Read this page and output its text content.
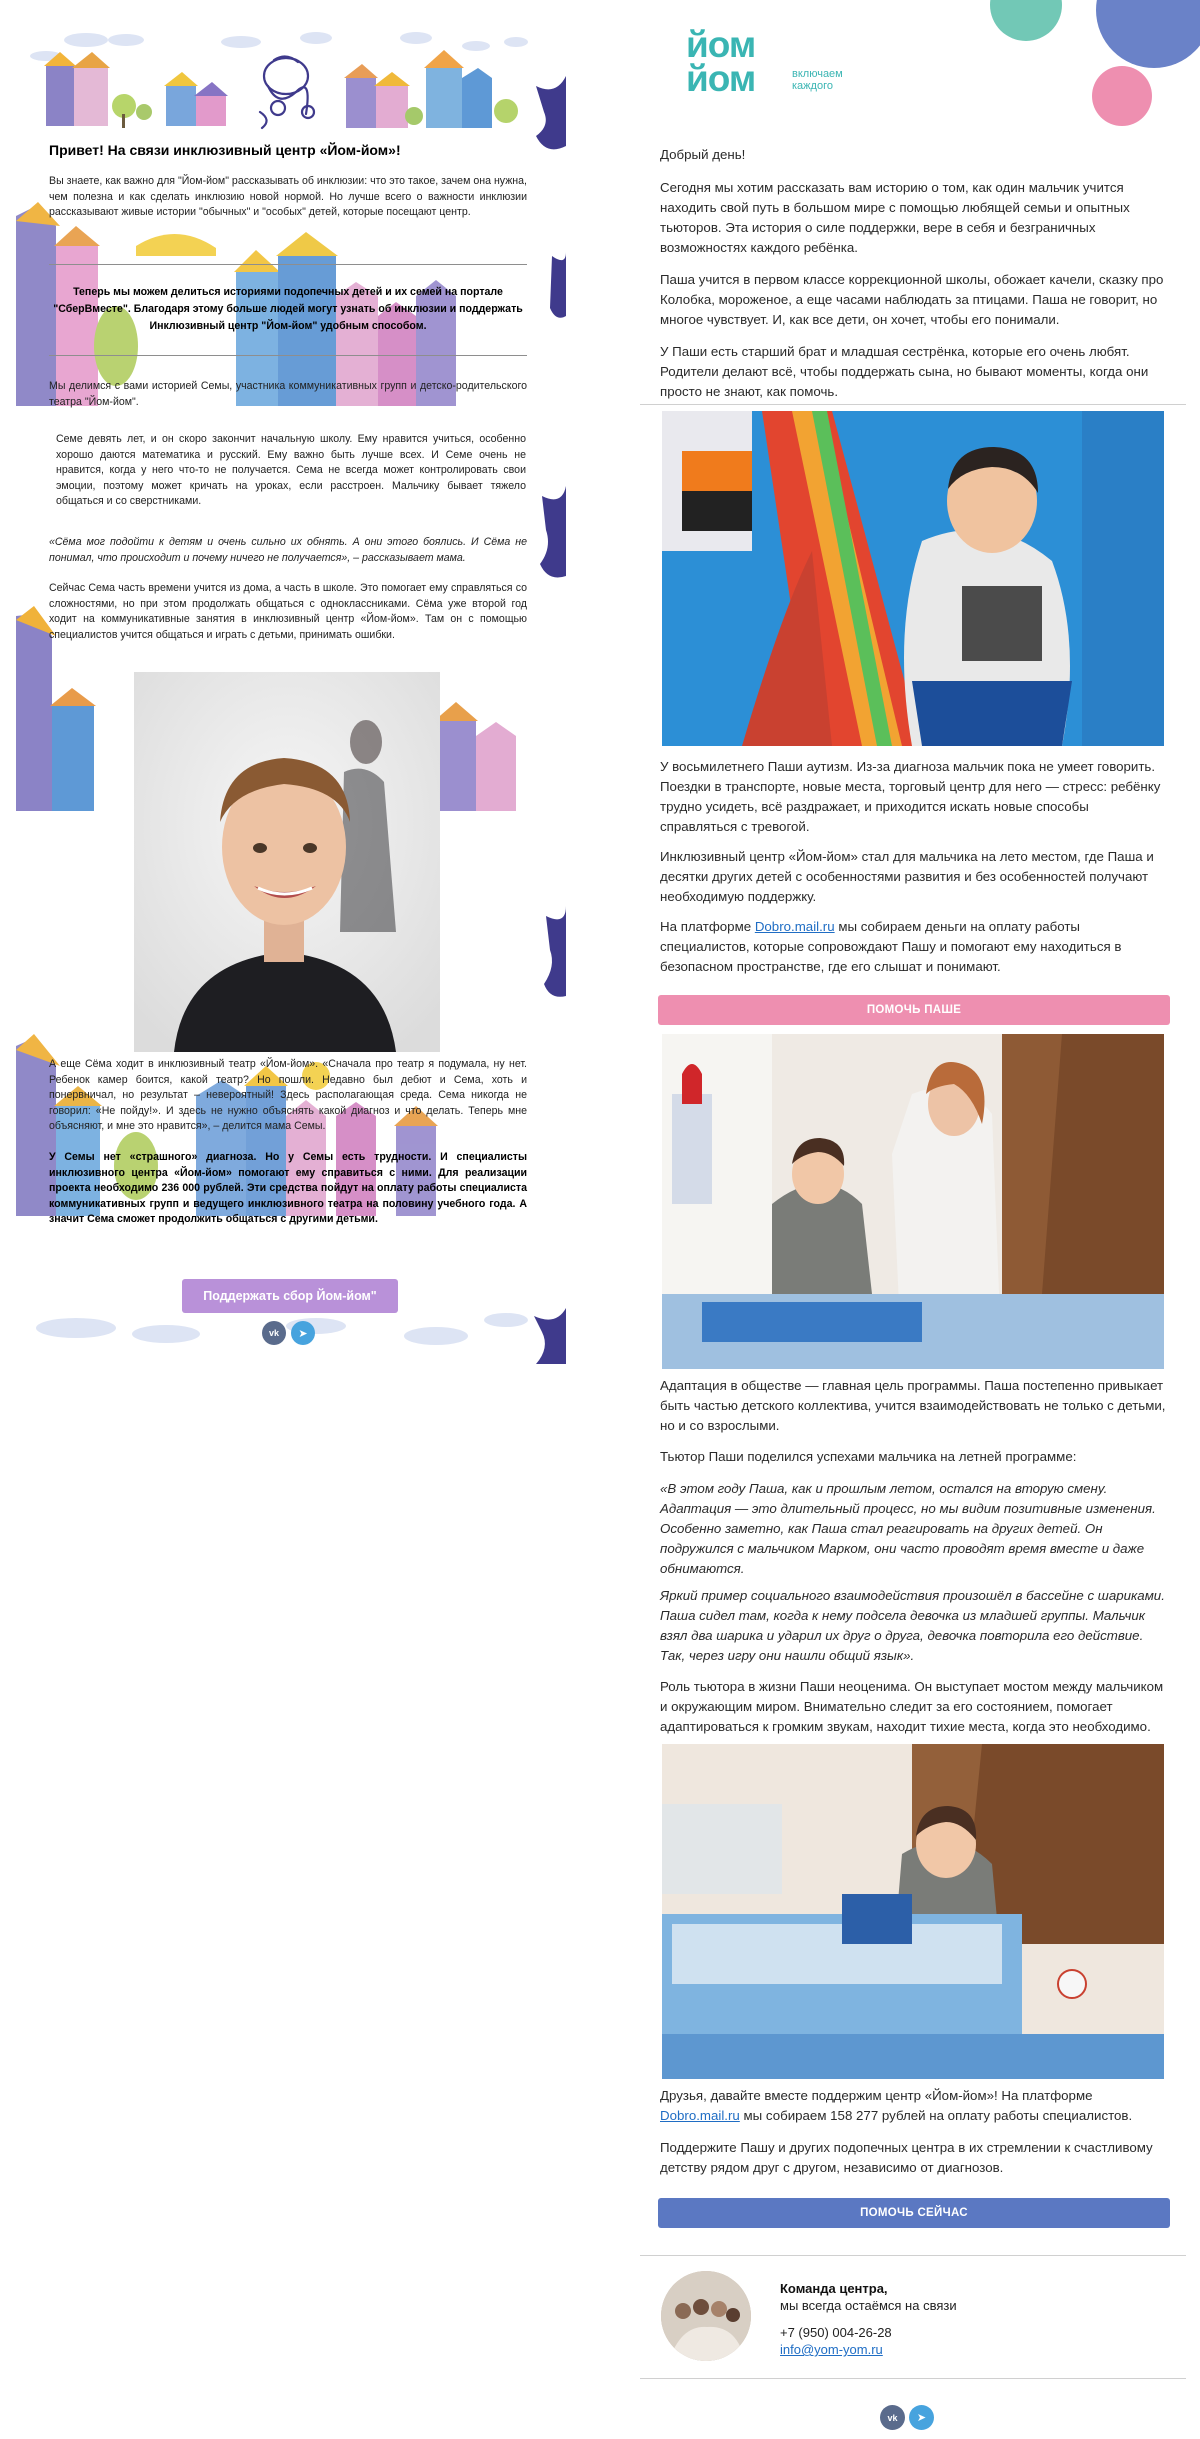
Привет! На связи инклюзивный центр «Йом-йом»!
Вы знаете, как важно для "Йом-йом" рассказывать об инклюзии: что это такое, зачем она нужна, чем полезна и как сделать инклюзию новой нормой. Но лучше всего о важности инклюзии рассказывают живые истории "обычных" и "особых" детей, которые посещают центр.
Теперь мы можем делиться историями подопечных детей и их семей на портале "СберВместе". Благодаря этому больше людей могут узнать об инклюзии и поддержать Инклюзивный центр "Йом-йом" удобным способом.
Мы делимся с вами историей Семы, участника коммуникативных групп и детско-родительского театра "Йом-йом".
Семе девять лет, и он скоро закончит начальную школу. Ему нравится учиться, особенно хорошо даются математика и русский. Ему важно быть лучше всех. И Семе очень не нравится, когда у него что-то не получается. Сема не всегда может контролировать свои эмоции, поэтому может кричать на уроках, если расстроен. Мальчику бывает тяжело общаться и со сверстниками.
«Сёма мог подойти к детям и очень сильно их обнять. А они этого боялись. И Сёма не понимал, что происходит и почему ничего не получается», – рассказывает мама.
Сейчас Сема часть времени учится из дома, а часть в школе. Это помогает ему справляться со сложностями, но при этом продолжать общаться с одноклассниками. Сёма уже второй год ходит на коммуникативные занятия в инклюзивный центр «Йом-йом». Там он с помощью специалистов учится общаться и играть с детьми, принимать ошибки.
А еще Сёма ходит в инклюзивный театр «Йом-йом». «Сначала про театр я подумала, ну нет. Ребенок камер боится, какой театр? Но пошли. Недавно был дебют и Сема, хоть и понервничал, но результат – невероятный! Здесь располагающая среда. Сема никогда не говорил: «Не пойду!». И здесь не нужно объяснять какой диагноз и что делать. Теперь мне объясняют, и мне это нравится», – делится мама Семы.
У Семы нет «страшного» диагноза. Но у Семы есть трудности. И специалисты инклюзивного центра «Йом-йом» помогают ему справиться с ними. Для реализации проекта необходимо 236 000 рублей. Эти средства пойдут на оплату работы специалиста коммуникативных групп и ведущего инклюзивного театра на половину учебного года. А значит Сема сможет продолжить общаться с другими детьми.
Поддержать сбор Йом-йом"
vk	➤
йом
йом	включаем
каждого
Добрый день!
Сегодня мы хотим рассказать вам историю о том, как один мальчик учится находить свой путь в большом мире с помощью любящей семьи и опытных тьюторов. Эта история о силе поддержки, вере в себя и безграничных возможностях каждого ребёнка.
Паша учится в первом классе коррекционной школы, обожает качели, сказку про Колобка, мороженое, а еще часами наблюдать за птицами. Паша не говорит, но многое чувствует. И, как все дети, он хочет, чтобы его понимали.
У Паши есть старший брат и младшая сестрёнка, которые его очень любят. Родители делают всё, чтобы поддержать сына, но бывают моменты, когда они просто не знают, как помочь.
У восьмилетнего Паши аутизм. Из-за диагноза мальчик пока не умеет говорить. Поездки в транспорте, новые места, торговый центр для него — стресс: ребёнку трудно усидеть, всё раздражает, и приходится искать новые способы справляться с тревогой.
Инклюзивный центр «Йом-йом» стал для мальчика на лето местом, где Паша и десятки других детей с особенностями развития и без особенностей получают необходимую поддержку.
На платформе Dobro.mail.ru мы собираем деньги на оплату работы специалистов, которые сопровождают Пашу и помогают ему находиться в безопасном пространстве, где его слышат и понимают.
ПОМОЧЬ ПАШЕ
Адаптация в обществе — главная цель программы. Паша постепенно привыкает быть частью детского коллектива, учится взаимодействовать не только с детьми, но и со взрослыми.
Тьютор Паши поделился успехами мальчика на летней программе:
«В этом году Паша, как и прошлым летом, остался на вторую смену. Адаптация — это длительный процесс, но мы видим позитивные изменения. Особенно заметно, как Паша стал реагировать на других детей. Он подружился с мальчиком Марком, они часто проводят время вместе и даже обнимаются.
Яркий пример социального взаимодействия произошёл в бассейне с шариками. Паша сидел там, когда к нему подсела девочка из младшей группы. Мальчик взял два шарика и ударил их друг о друга, девочка повторила его действие. Так, через игру они нашли общий язык».
Роль тьютора в жизни Паши неоценима. Он выступает мостом между мальчиком и окружающим миром. Внимательно следит за его состоянием, помогает адаптироваться к громким звукам, находит тихие места, когда это необходимо.
Друзья, давайте вместе поддержим центр «Йом-йом»! На платформе Dobro.mail.ru мы собираем 158 277 рублей на оплату работы специалистов.
Поддержите Пашу и других подопечных центра в их стремлении к счастливому детству рядом друг с другом, независимо от диагнозов.
ПОМОЧЬ СЕЙЧАС
Команда центра,
мы всегда остаёмся на связи
+7 (950) 004-26-28
info@yom-yom.ru
vk	➤
